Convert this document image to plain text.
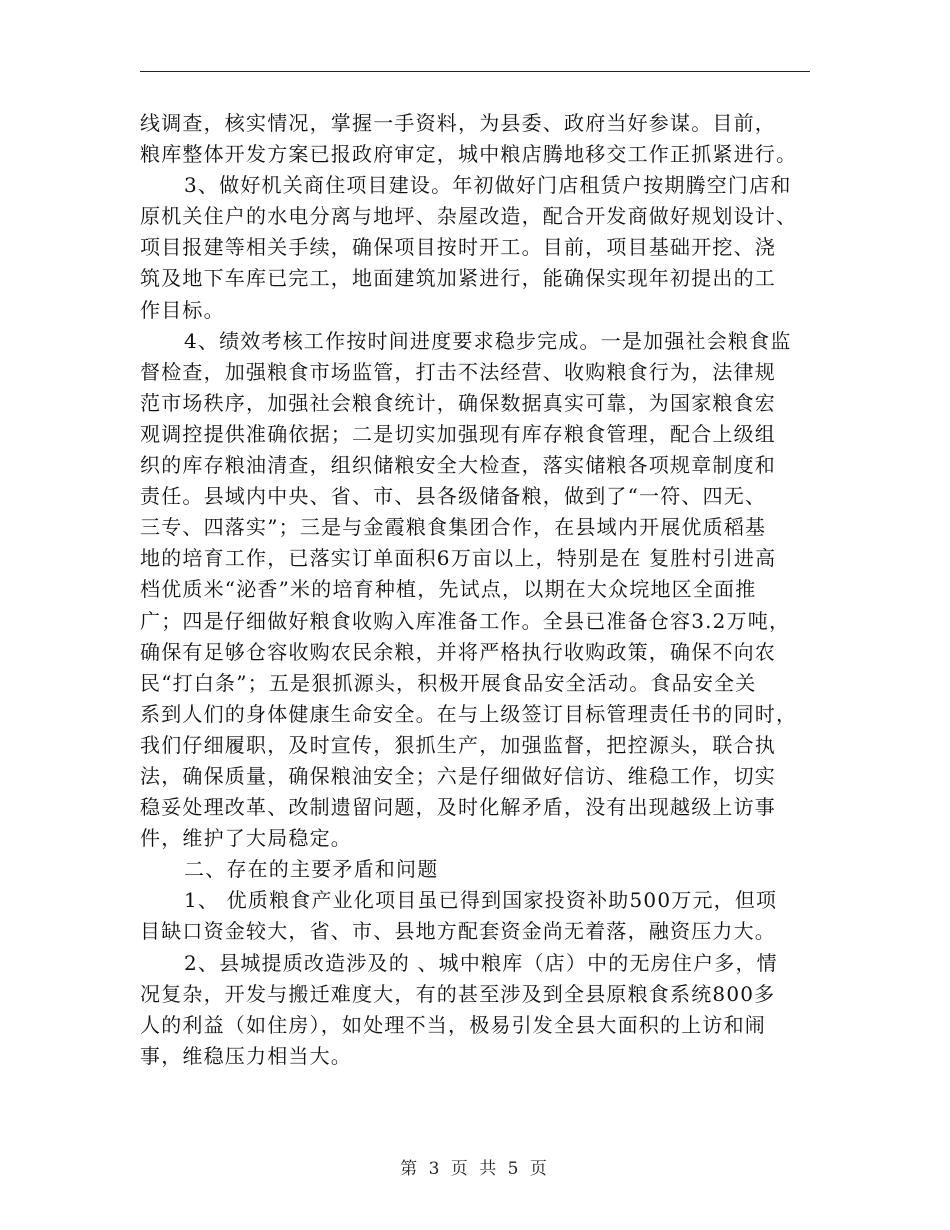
线调查，核实情况，掌握一手资料，为县委、政府当好参谋。目前，
粮库整体开发方案已报政府审定，城中粮店腾地移交工作正抓紧进行。
3、做好机关商住项目建设。年初做好门店租赁户按期腾空门店和
原机关住户的水电分离与地坪、杂屋改造，配合开发商做好规划设计、
项目报建等相关手续，确保项目按时开工。目前，项目基础开挖、浇
筑及地下车库已完工，地面建筑加紧进行，能确保实现年初提出的工
作目标。
4、绩效考核工作按时间进度要求稳步完成。一是加强社会粮食监
督检查，加强粮食市场监管，打击不法经营、收购粮食行为，法律规
范市场秩序，加强社会粮食统计，确保数据真实可靠，为国家粮食宏
观调控提供准确依据；二是切实加强现有库存粮食管理，配合上级组
织的库存粮油清查，组织储粮安全大检查，落实储粮各项规章制度和
责任。县域内中央、省、市、县各级储备粮，做到了“一符、四无、
三专、四落实”；三是与金霞粮食集团合作，在县域内开展优质稻基
地的培育工作，已落实订单面积6万亩以上，特别是在 复胜村引进高
档优质米“泌香”米的培育种植，先试点，以期在大众垸地区全面推
广；四是仔细做好粮食收购入库准备工作。全县已准备仓容3.2万吨，
确保有足够仓容收购农民余粮，并将严格执行收购政策，确保不向农
民“打白条”；五是狠抓源头，积极开展食品安全活动。食品安全关
系到人们的身体健康生命安全。在与上级签订目标管理责任书的同时，
我们仔细履职，及时宣传，狠抓生产，加强监督，把控源头，联合执
法，确保质量，确保粮油安全；六是仔细做好信访、维稳工作，切实
稳妥处理改革、改制遗留问题，及时化解矛盾，没有出现越级上访事
件，维护了大局稳定。
二、存在的主要矛盾和问题
1、 优质粮食产业化项目虽已得到国家投资补助500万元，但项
目缺口资金较大，省、市、县地方配套资金尚无着落，融资压力大。
2、县城提质改造涉及的 、城中粮库（店）中的无房住户多，情
况复杂，开发与搬迁难度大，有的甚至涉及到全县原粮食系统800多
人的利益（如住房），如处理不当，极易引发全县大面积的上访和闹
事，维稳压力相当大。
第 3 页 共 5 页
